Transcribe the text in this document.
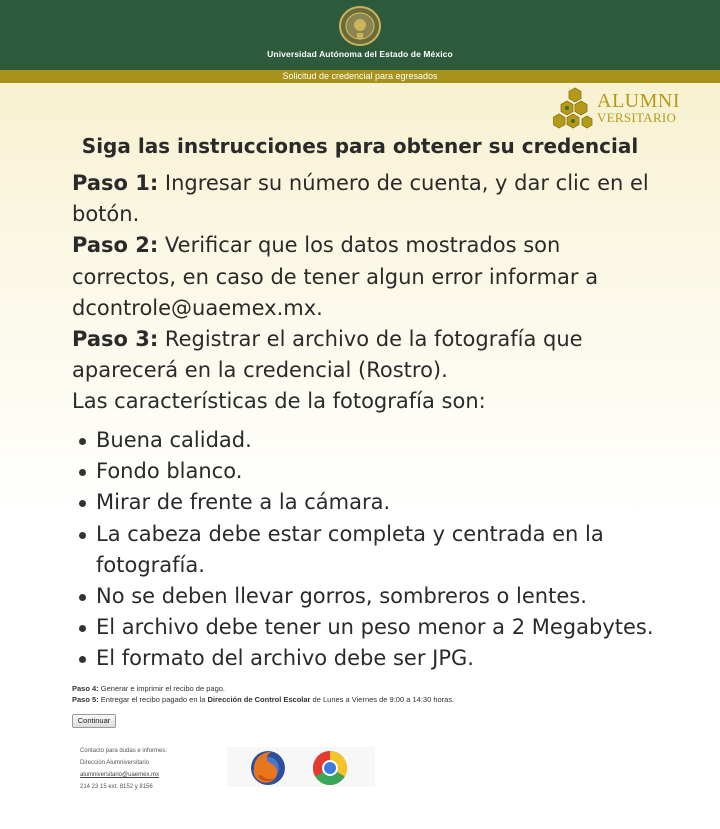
Universidad Autónoma del Estado de México
Solicitud de credencial para egresados
ALUMNI
VERSITARIO
Siga las instrucciones para obtener su credencial
Paso 1: Ingresar su número de cuenta, y dar clic en el botón.
Paso 2: Verificar que los datos mostrados son correctos, en caso de tener algun error informar a dcontrole@uaemex.mx.
Paso 3: Registrar el archivo de la fotografía que aparecerá en la credencial (Rostro).
Las características de la fotografía son:
Buena calidad.
Fondo blanco.
Mirar de frente a la cámara.
La cabeza debe estar completa y centrada en la fotografía.
No se deben llevar gorros, sombreros o lentes.
El archivo debe tener un peso menor a 2 Megabytes.
El formato del archivo debe ser JPG.
Paso 4: Generar e imprimir el recibo de pago.
Paso 5: Entregar el recibo pagado en la Dirección de Control Escolar de Lunes a Viernes de 9:00 a 14:30 horas.
Continuar
Contacto para dudas e informes:
Dirección Alumniversitario
alumniversitario@uaemex.mx
214 23 15 ext. 8152 y 8156
